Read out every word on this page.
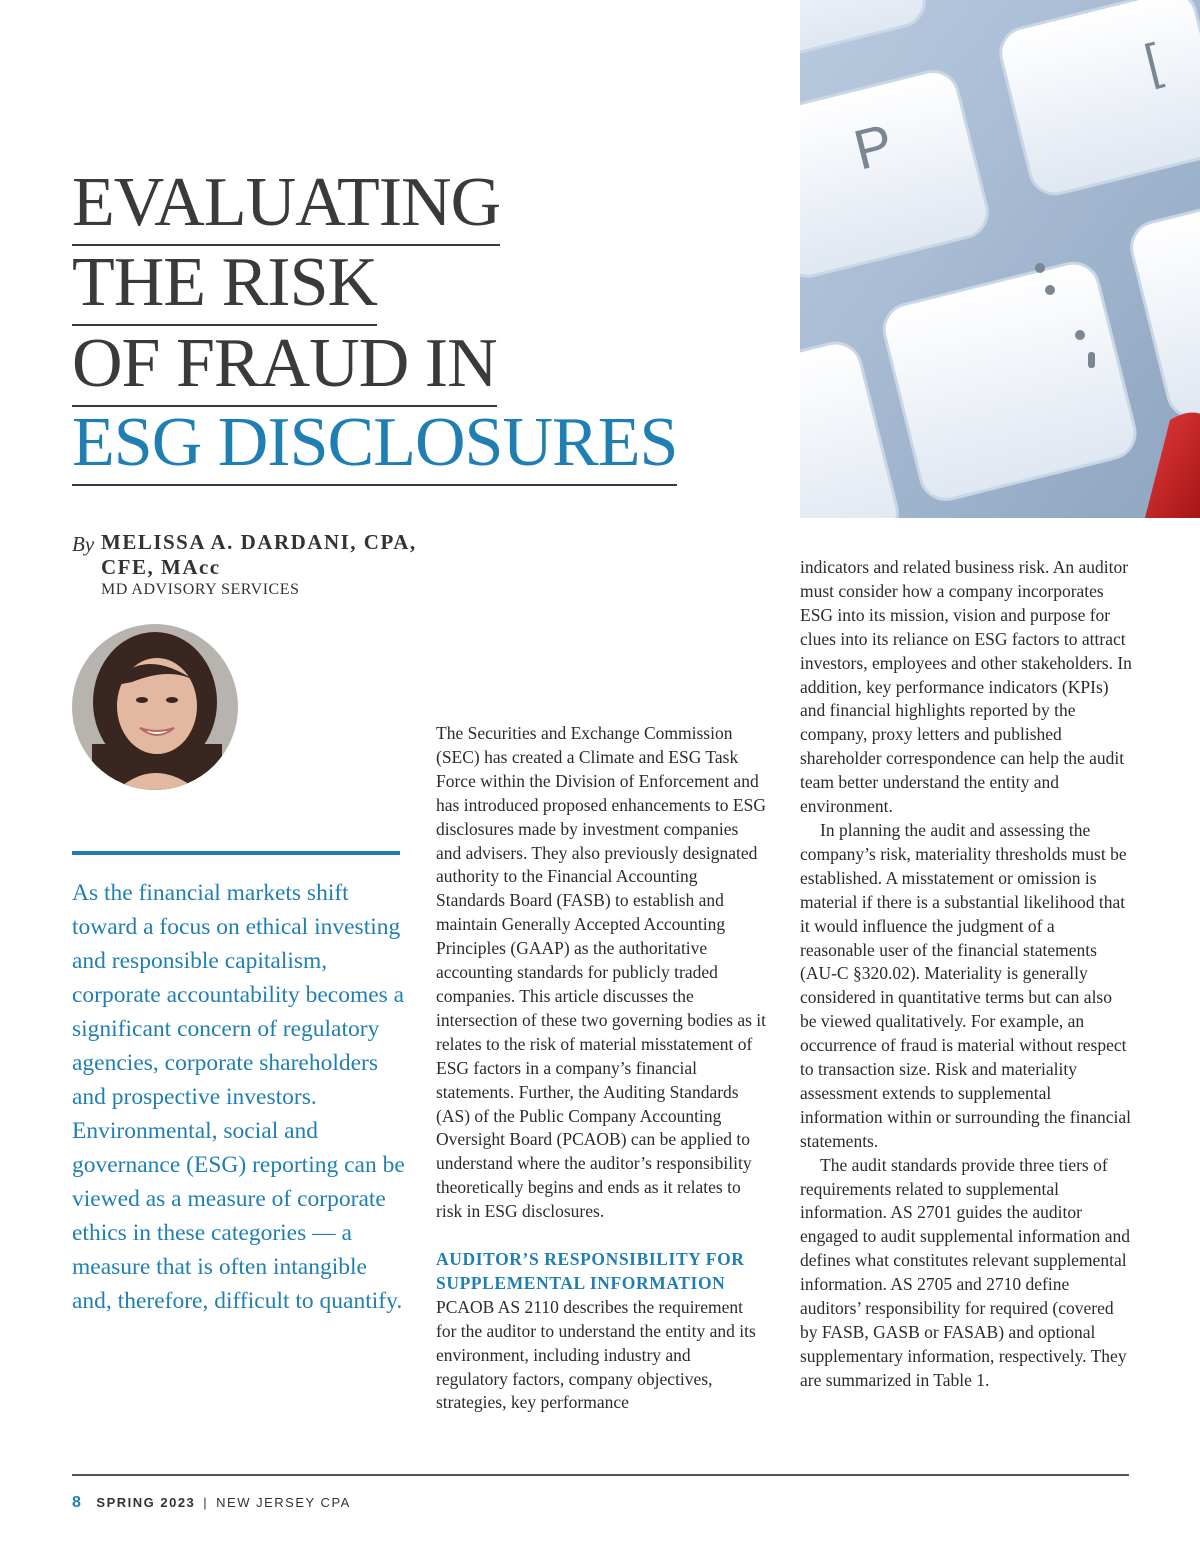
P
[
EVALUATING
THE RISK
OF FRAUD IN
ESG DISCLOSURES
By MELISSA A. DARDANI, CPA, CFE, MAcc
MD ADVISORY SERVICES
As the financial markets shift toward a focus on ethical investing and responsible capitalism, corporate accountability becomes a significant concern of regulatory agencies, corporate shareholders and prospective investors. Environmental, social and governance (ESG) reporting can be viewed as a measure of corporate ethics in these categories — a measure that is often intangible and, therefore, difficult to quantify.

The Securities and Exchange Commission (SEC) has created a Climate and ESG Task Force within the Division of Enforcement and has introduced proposed enhancements to ESG disclosures made by investment companies and advisers. They also previously designated authority to the Financial Accounting Standards Board (FASB) to establish and maintain Generally Accepted Accounting Principles (GAAP) as the authoritative accounting standards for publicly traded companies. This article discusses the intersection of these two governing bodies as it relates to the risk of material misstatement of ESG factors in a company’s financial statements. Further, the Auditing Standards (AS) of the Public Company Accounting Oversight Board (PCAOB) can be applied to understand where the auditor’s responsibility theoretically begins and ends as it relates to risk in ESG disclosures.

AUDITOR’S RESPONSIBILITY FOR SUPPLEMENTAL INFORMATION

PCAOB AS 2110 describes the requirement for the auditor to understand the entity and its environment, including industry and regulatory factors, company objectives, strategies, key performance

indicators and related business risk. An auditor must consider how a company incorporates ESG into its mission, vision and purpose for clues into its reliance on ESG factors to attract investors, employees and other stakeholders. In addition, key performance indicators (KPIs) and financial highlights reported by the company, proxy letters and published shareholder correspondence can help the audit team better understand the entity and environment.

In planning the audit and assessing the company’s risk, materiality thresholds must be established. A misstatement or omission is material if there is a substantial likelihood that it would influence the judgment of a reasonable user of the financial statements (AU-C §320.02). Materiality is generally considered in quantitative terms but can also be viewed qualitatively. For example, an occurrence of fraud is material without respect to transaction size. Risk and materiality assessment extends to supplemental information within or surrounding the financial statements.

The audit standards provide three tiers of requirements related to supplemental information. AS 2701 guides the auditor engaged to audit supplemental information and defines what constitutes relevant supplemental information. AS 2705 and 2710 define auditors’ responsibility for required (covered by FASB, GASB or FASAB) and optional supplementary information, respectively. They are summarized in Table 1.

8 SPRING 2023 | NEW JERSEY CPA
